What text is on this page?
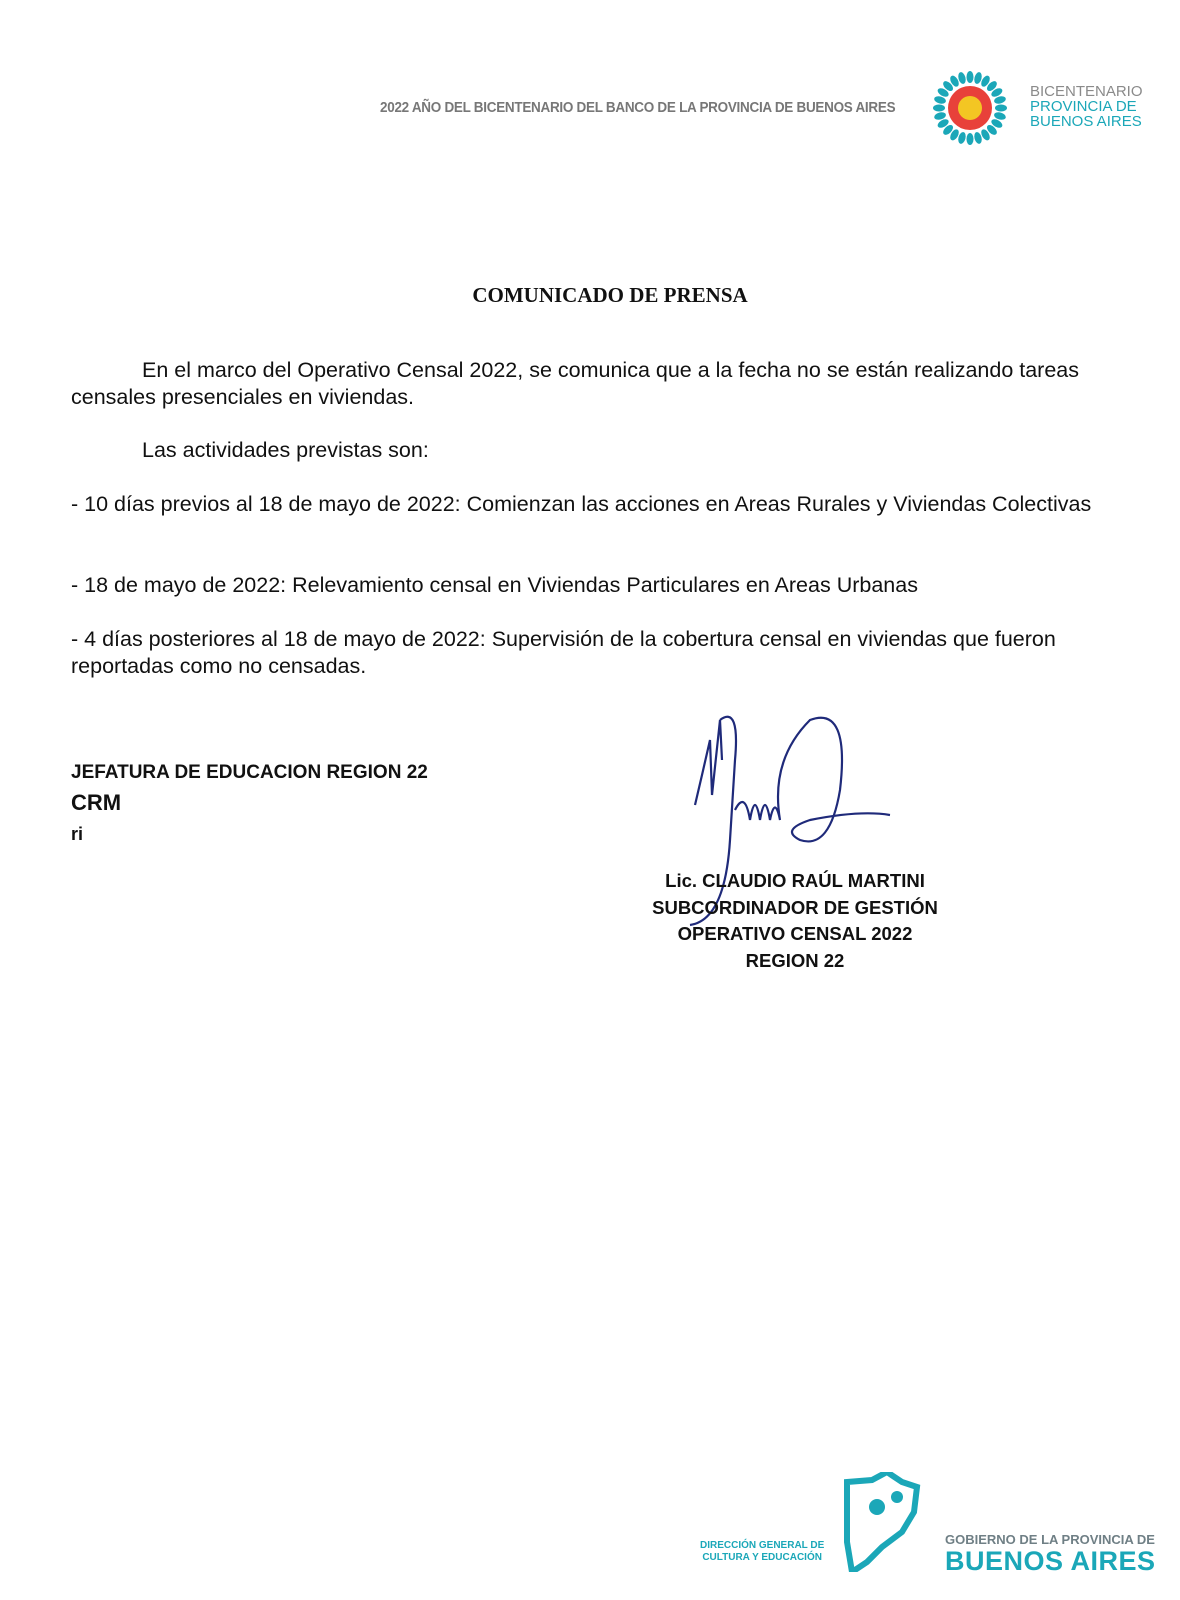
2022 AÑO DEL BICENTENARIO DEL BANCO DE LA PROVINCIA DE BUENOS AIRES
BICENTENARIO
PROVINCIA DE
BUENOS AIRES
COMUNICADO DE PRENSA
En el marco del Operativo Censal 2022, se comunica que a la fecha no se están realizando tareas censales presenciales en viviendas.
Las actividades previstas son:
- 10 días previos al 18 de mayo de 2022: Comienzan las acciones en Areas Rurales y Viviendas Colectivas
- 18 de mayo de 2022: Relevamiento censal en Viviendas Particulares en Areas Urbanas
- 4 días posteriores al 18 de mayo de 2022: Supervisión de la cobertura censal en viviendas que fueron reportadas como no censadas.
JEFATURA DE EDUCACION REGION 22
CRM
ri
Lic. CLAUDIO RAÚL MARTINI
SUBCORDINADOR DE GESTIÓN
OPERATIVO CENSAL 2022
REGION 22
DIRECCIÓN GENERAL DE
CULTURA Y EDUCACIÓN
GOBIERNO DE LA PROVINCIA DE
BUENOS AIRES
